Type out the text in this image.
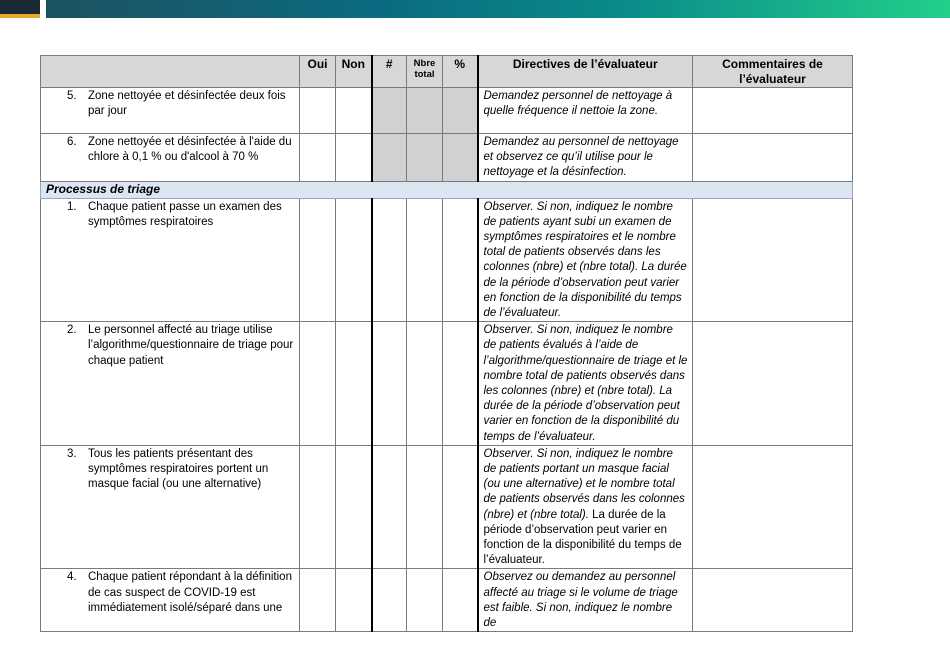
	Oui	Non	#	Nbre total	%	Directives de l’évaluateur	Commentaires de l’évaluateur

5. Zone nettoyée et désinfectée deux fois par jour						Demandez personnel de nettoyage à quelle fréquence il nettoie la zone.	

6. Zone nettoyée et désinfectée à l'aide du chlore à 0,1 % ou d'alcool à 70 %						Demandez au personnel de nettoyage et observez ce qu’il utilise pour le nettoyage et la désinfection.	
Processus de triage							

1. Chaque patient passe un examen des symptômes respiratoires						Observer. Si non, indiquez le nombre de patients ayant subi un examen de symptômes respiratoires et le nombre total de patients observés dans les colonnes (nbre) et (nbre total). La durée de la période d’observation peut varier en fonction de la disponibilité du temps de l’évaluateur.	

2. Le personnel affecté au triage utilise l’algorithme/questionnaire de triage pour chaque patient						Observer. Si non, indiquez le nombre de patients évalués à l’aide de l’algorithme/questionnaire de triage et le nombre total de patients observés dans les colonnes (nbre) et (nbre total). La durée de la période d’observation peut varier en fonction de la disponibilité du temps de l’évaluateur.	

3. Tous les patients présentant des symptômes respiratoires portent un masque facial (ou une alternative)						Observer. Si non, indiquez le nombre de patients portant un masque facial (ou une alternative) et le nombre total de patients observés dans les colonnes (nbre) et (nbre total). La durée de la période d’observation peut varier en fonction de la disponibilité du temps de l’évaluateur.	

4. Chaque patient répondant à la définition de cas suspect de COVID-19 est immédiatement isolé/séparé dans une						Observez ou demandez au personnel affecté au triage si le volume de triage est faible. Si non, indiquez le nombre de	
